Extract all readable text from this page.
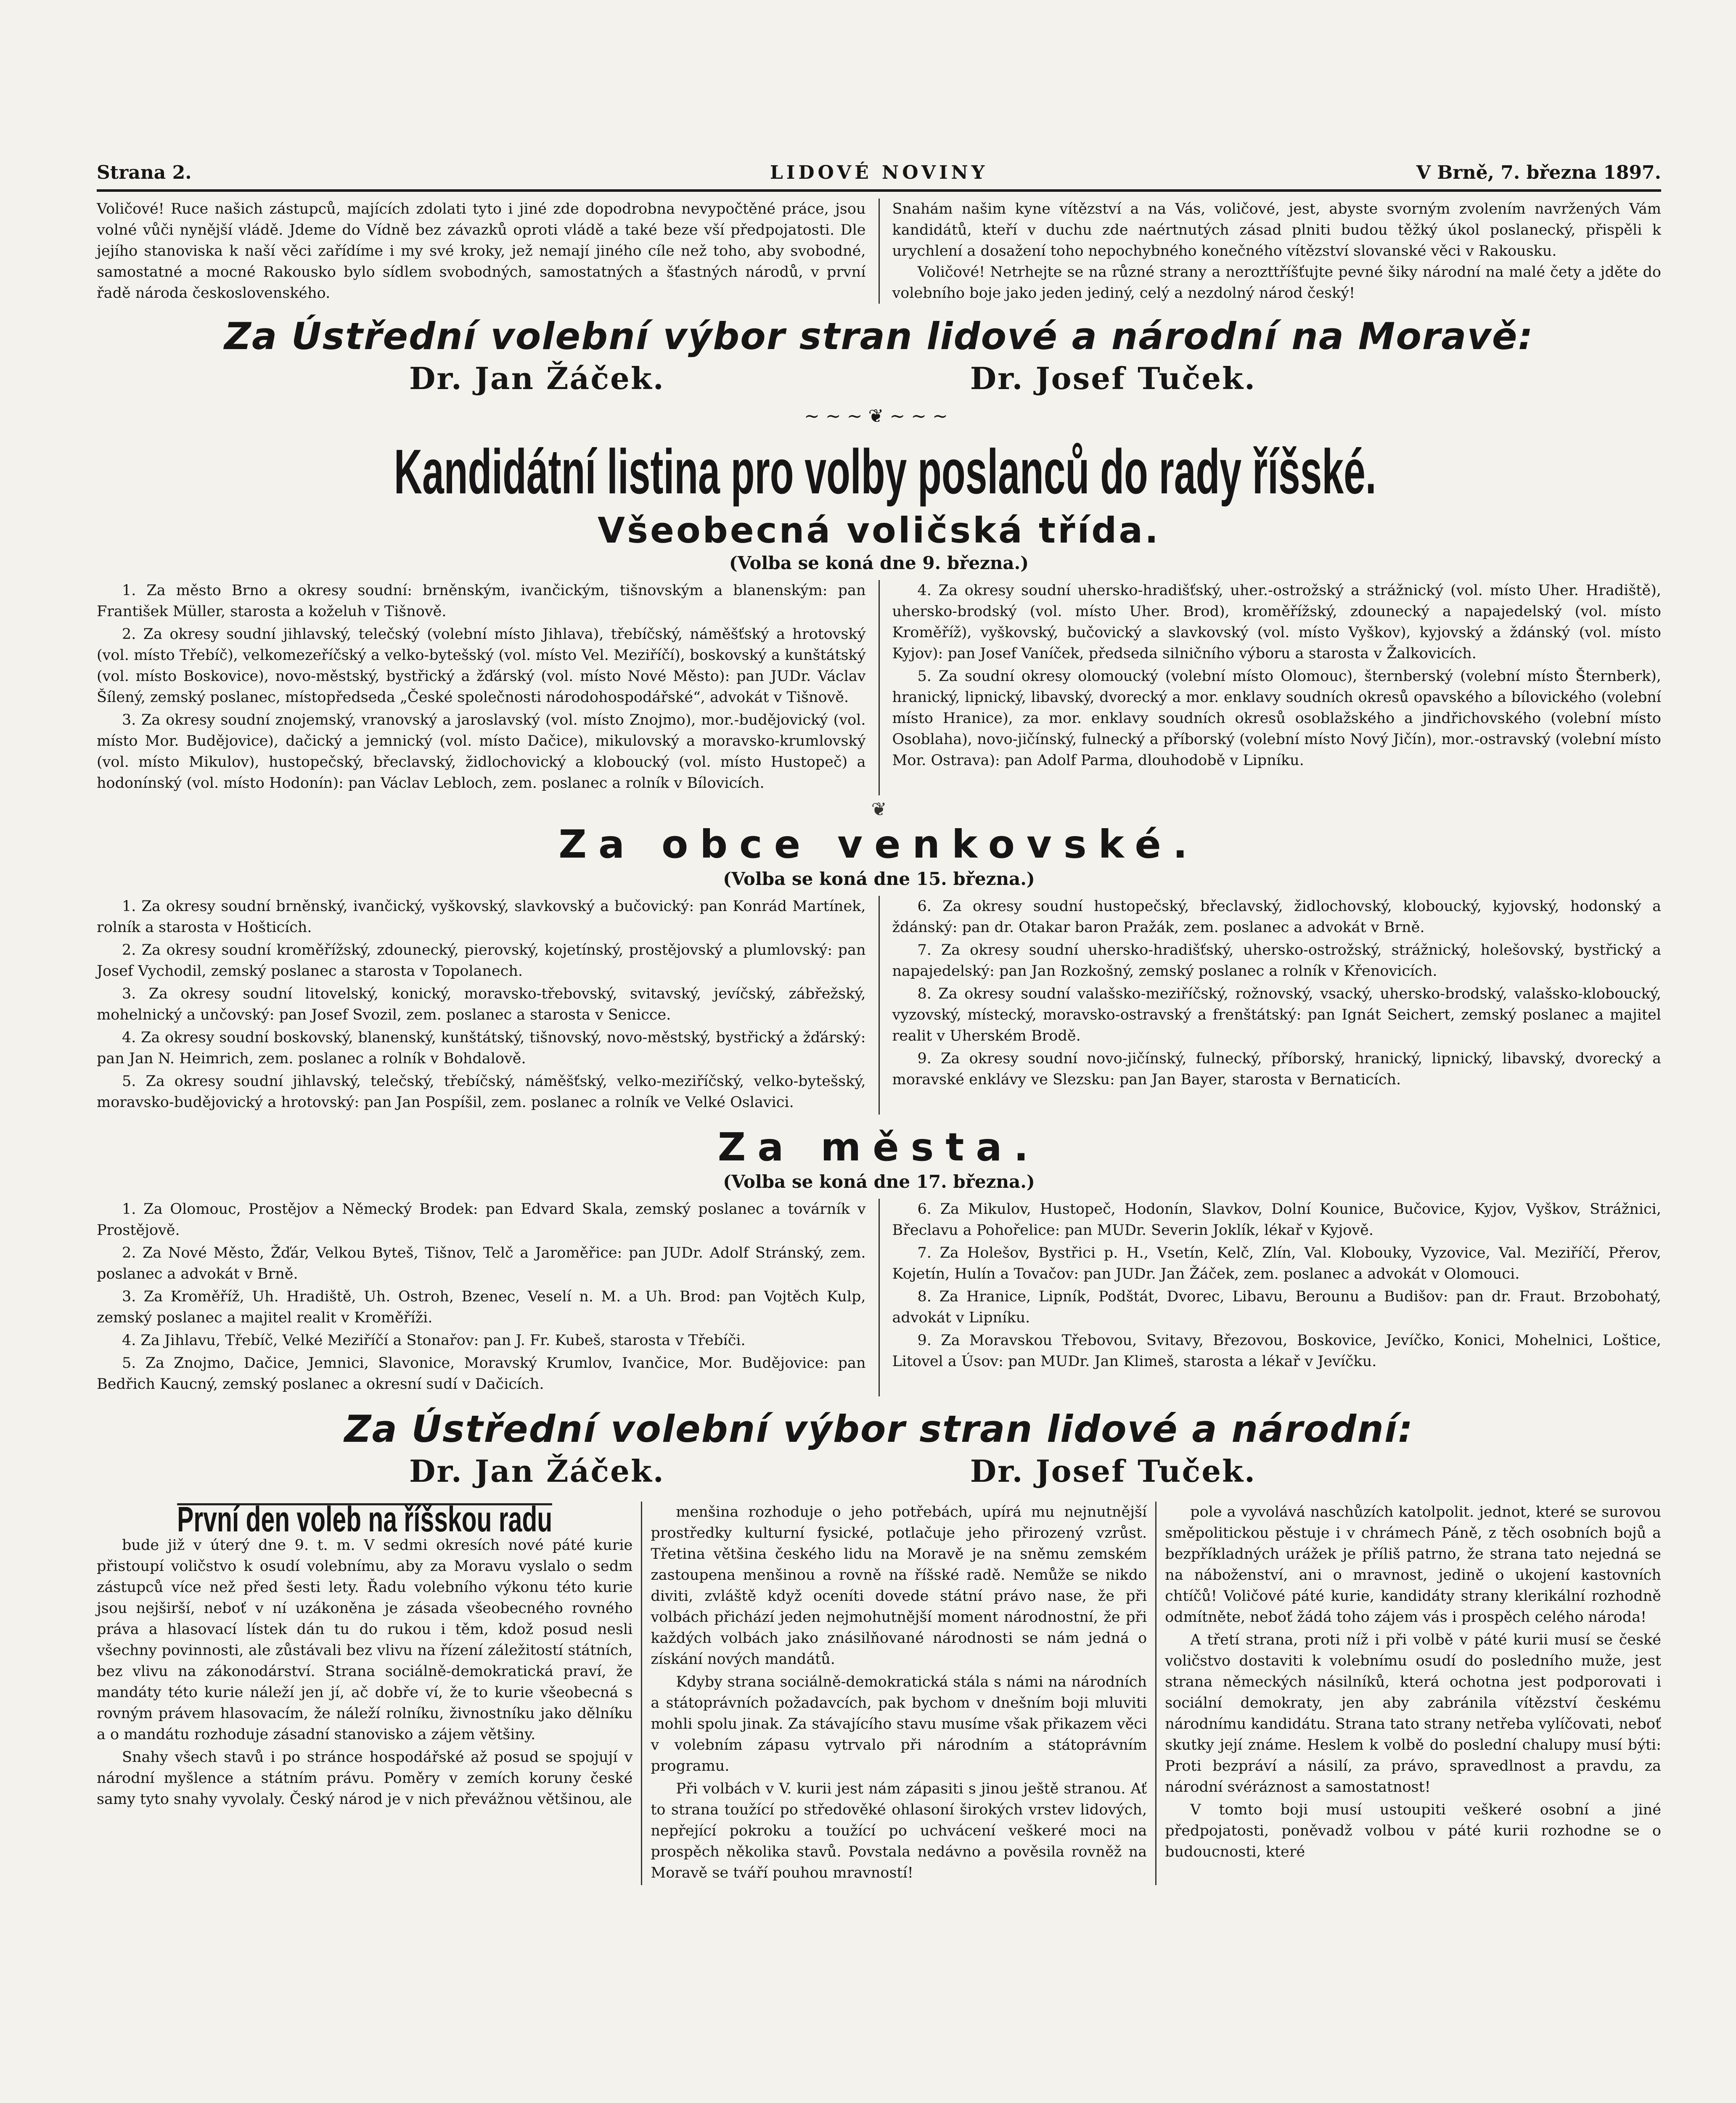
Strana 2.	LIDOVÉ NOVINY	V Brně, 7. března 1897.

Voličové! Ruce našich zástupců, majících zdolati tyto i jiné zde dopodrobna nevypočtěné práce, jsou volné vůči nynější vládě. Jdeme do Vídně bez závazků oproti vládě a také beze vší předpojatosti. Dle jejího stanoviska k naší věci zařídíme i my své kroky, jež nemají jiného cíle než toho, aby svobodné, samostatné a mocné Rakousko bylo sídlem svobodných, samostatných a šťastných národů, v první řadě národa československého.

Snahám našim kyne vítězství a na Vás, voličové, jest, abyste svorným zvolením navržených Vám kandidátů, kteří v duchu zde naértnutých zásad plniti budou těžký úkol poslanecký, přispěli k urychlení a dosažení toho nepochybného konečného vítězství slovanské věci v Rakousku.

Voličové! Netrhejte se na různé strany a nerozttříšťujte pevné šiky národní na malé čety a jděte do volebního boje jako jeden jediný, celý a nezdolný národ český!

Za Ústřední volební výbor stran lidové a národní na Moravě:
Dr. Jan Žáček.	Dr. Josef Tuček.
~~~❦~~~
Kandidátní listina pro volby poslanců do rady říšské.
Všeobecná voličská třída.
(Volba se koná dne 9. března.)

1. Za město Brno a okresy soudní: brněnským, ivančickým, tišnovským a blanenským: pan František Müller, starosta a koželuh v Tišnově.

2. Za okresy soudní jihlavský, telečský (volební místo Jihlava), třebíčský, náměšťský a hrotovský (vol. místo Třebíč), velkomezeříčský a velko-bytešský (vol. místo Vel. Meziříčí), boskovský a kunštátský (vol. místo Boskovice), novo-městský, bystřický a žďárský (vol. místo Nové Město): pan JUDr. Václav Šílený, zemský poslanec, místopředseda „České společnosti národohospodářské“, advokát v Tišnově.

3. Za okresy soudní znojemský, vranovský a jaroslavský (vol. místo Znojmo), mor.-budějovický (vol. místo Mor. Budějovice), dačický a jemnický (vol. místo Dačice), mikulovský a moravsko-krumlovský (vol. místo Mikulov), hustopečský, břeclavský, židlochovický a kloboucký (vol. místo Hustopeč) a hodonínský (vol. místo Hodonín): pan Václav Lebloch, zem. poslanec a rolník v Bílovicích.

4. Za okresy soudní uhersko-hradišťský, uher.-ostrožský a strážnický (vol. místo Uher. Hradiště), uhersko-brodský (vol. místo Uher. Brod), kroměřížský, zdounecký a napajedelský (vol. místo Kroměříž), vyškovský, bučovický a slavkovský (vol. místo Vyškov), kyjovský a ždánský (vol. místo Kyjov): pan Josef Vaníček, předseda silničního výboru a starosta v Žalkovicích.

5. Za soudní okresy olomoucký (volební místo Olomouc), šternberský (volební místo Šternberk), hranický, lipnický, libavský, dvorecký a mor. enklavy soudních okresů opavského a bílovického (volební místo Hranice), za mor. enklavy soudních okresů osoblažského a jindřichovského (volební místo Osoblaha), novo-jičínský, fulnecký a příborský (volební místo Nový Jičín), mor.-ostravský (volební místo Mor. Ostrava): pan Adolf Parma, dlouhodobě v Lipníku.

❦
Za obce venkovské.
(Volba se koná dne 15. března.)

1. Za okresy soudní brněnský, ivančický, vyškovský, slavkovský a bučovický: pan Konrád Martínek, rolník a starosta v Hošticích.

2. Za okresy soudní kroměřížský, zdounecký, pierovský, kojetínský, prostějovský a plumlovský: pan Josef Vychodil, zemský poslanec a starosta v Topolanech.

3. Za okresy soudní litovelský, konický, moravsko-třebovský, svitavský, jevíčský, zábřežský, mohelnický a unčovský: pan Josef Svozil, zem. poslanec a starosta v Senicce.

4. Za okresy soudní boskovský, blanenský, kunštátský, tišnovský, novo-městský, bystřický a žďárský: pan Jan N. Heimrich, zem. poslanec a rolník v Bohdalově.

5. Za okresy soudní jihlavský, telečský, třebíčský, náměšťský, velko-meziříčský, velko-bytešský, moravsko-budějovický a hrotovský: pan Jan Pospíšil, zem. poslanec a rolník ve Velké Oslavici.

6. Za okresy soudní hustopečský, břeclavský, židlochovský, kloboucký, kyjovský, hodonský a ždánský: pan dr. Otakar baron Pražák, zem. poslanec a advokát v Brně.

7. Za okresy soudní uhersko-hradišťský, uhersko-ostrožský, strážnický, holešovský, bystřický a napajedelský: pan Jan Rozkošný, zemský poslanec a rolník v Křenovicích.

8. Za okresy soudní valašsko-meziříčský, rožnovský, vsacký, uhersko-brodský, valašsko-kloboucký, vyzovský, místecký, moravsko-ostravský a frenštátský: pan Ignát Seichert, zemský poslanec a majitel realit v Uherském Brodě.

9. Za okresy soudní novo-jičínský, fulnecký, příborský, hranický, lipnický, libavský, dvorecký a moravské enklávy ve Slezsku: pan Jan Bayer, starosta v Bernaticích.

Za města.
(Volba se koná dne 17. března.)

1. Za Olomouc, Prostějov a Německý Brodek: pan Edvard Skala, zemský poslanec a továrník v Prostějově.

2. Za Nové Město, Žďár, Velkou Byteš, Tišnov, Telč a Jaroměřice: pan JUDr. Adolf Stránský, zem. poslanec a advokát v Brně.

3. Za Kroměříž, Uh. Hradiště, Uh. Ostroh, Bzenec, Veselí n. M. a Uh. Brod: pan Vojtěch Kulp, zemský poslanec a majitel realit v Kroměříži.

4. Za Jihlavu, Třebíč, Velké Meziříčí a Stonařov: pan J. Fr. Kubeš, starosta v Třebíči.

5. Za Znojmo, Dačice, Jemnici, Slavonice, Moravský Krumlov, Ivančice, Mor. Budějovice: pan Bedřich Kaucný, zemský poslanec a okresní sudí v Dačicích.

6. Za Mikulov, Hustopeč, Hodonín, Slavkov, Dolní Kounice, Bučovice, Kyjov, Vyškov, Strážnici, Břeclavu a Pohořelice: pan MUDr. Severin Joklík, lékař v Kyjově.

7. Za Holešov, Bystřici p. H., Vsetín, Kelč, Zlín, Val. Klobouky, Vyzovice, Val. Meziříčí, Přerov, Kojetín, Hulín a Tovačov: pan JUDr. Jan Žáček, zem. poslanec a advokát v Olomouci.

8. Za Hranice, Lipník, Podštát, Dvorec, Libavu, Berounu a Budišov: pan dr. Fraut. Brzobohatý, advokát v Lipníku.

9. Za Moravskou Třebovou, Svitavy, Březovou, Boskovice, Jevíčko, Konici, Mohelnici, Loštice, Litovel a Úsov: pan MUDr. Jan Klimeš, starosta a lékař v Jevíčku.

Za Ústřední volební výbor stran lidové a národní:
Dr. Jan Žáček.	Dr. Josef Tuček.
První den voleb na říšskou radu

bude již v úterý dne 9. t. m. V sedmi okresích nové páté kurie přistoupí voličstvo k osudí volebnímu, aby za Moravu vyslalo o sedm zástupců více než před šesti lety. Řadu volebního výkonu této kurie jsou nejširší, neboť v ní uzákoněna je zásada všeobecného rovného práva a hlasovací lístek dán tu do rukou i těm, kdož posud nesli všechny povinnosti, ale zůstávali bez vlivu na řízení záležitostí státních, bez vlivu na zákonodárství. Strana sociálně-demokratická praví, že mandáty této kurie náleží jen jí, ač dobře ví, že to kurie všeobecná s rovným právem hlasovacím, že náleží rolníku, živnostníku jako dělníku a o mandátu rozhoduje zásadní stanovisko a zájem většiny.

Snahy všech stavů i po stránce hospodářské až posud se spojují v národní myšlence a státním právu. Poměry v zemích koruny české samy tyto snahy vyvolaly. Český národ je v nich převážnou většinou, ale

menšina rozhoduje o jeho potřebách, upírá mu nejnutnější prostředky kulturní fysické, potlačuje jeho přirozený vzrůst. Třetina většina českého lidu na Moravě je na sněmu zemském zastoupena menšinou a rovně na říšské radě. Nemůže se nikdo diviti, zvláště když oceníti dovede státní právo nase, že při volbách přichází jeden nejmohutnější moment národnostní, že při každých volbách jako znásilňované národnosti se nám jedná o získání nových mandátů.

Kdyby strana sociálně-demokratická stála s námi na národních a státoprávních požadavcích, pak bychom v dnešním boji mluviti mohli spolu jinak. Za stávajícího stavu musíme však přikazem věci v volebním zápasu vytrvalo při národním a státoprávním programu.

Při volbách v V. kurii jest nám zápasiti s jinou ještě stranou. Ať to strana toužící po středověké ohlasoní širokých vrstev lidových, nepřející pokroku a toužící po uchvácení veškeré moci na prospěch několika stavů. Povstala nedávno a pověsila rovněž na Moravě se tváří pouhou mravností!

pole a vyvolává naschůzích katolpolit. jednot, které se surovou směpolitickou pěstuje i v chrámech Páně, z těch osobních bojů a bezpříkladných urážek je příliš patrno, že strana tato nejedná se na náboženství, ani o mravnost, jedině o ukojení kastovních chtíčů! Voličové páté kurie, kandidáty strany klerikální rozhodně odmítněte, neboť žádá toho zájem vás i prospěch celého národa!

A třetí strana, proti níž i při volbě v páté kurii musí se české voličstvo dostaviti k volebnímu osudí do posledního muže, jest strana německých násilníků, která ochotna jest podporovati i sociální demokraty, jen aby zabránila vítězství českému národnímu kandidátu. Strana tato strany netřeba vylíčovati, neboť skutky její známe. Heslem k volbě do poslední chalupy musí býti: Proti bezpráví a násilí, za právo, spravedlnost a pravdu, za národní svéráznost a samostatnost!

V tomto boji musí ustoupiti veškeré osobní a jiné předpojatosti, poněvadž volbou v páté kurii rozhodne se o budoucnosti, které
